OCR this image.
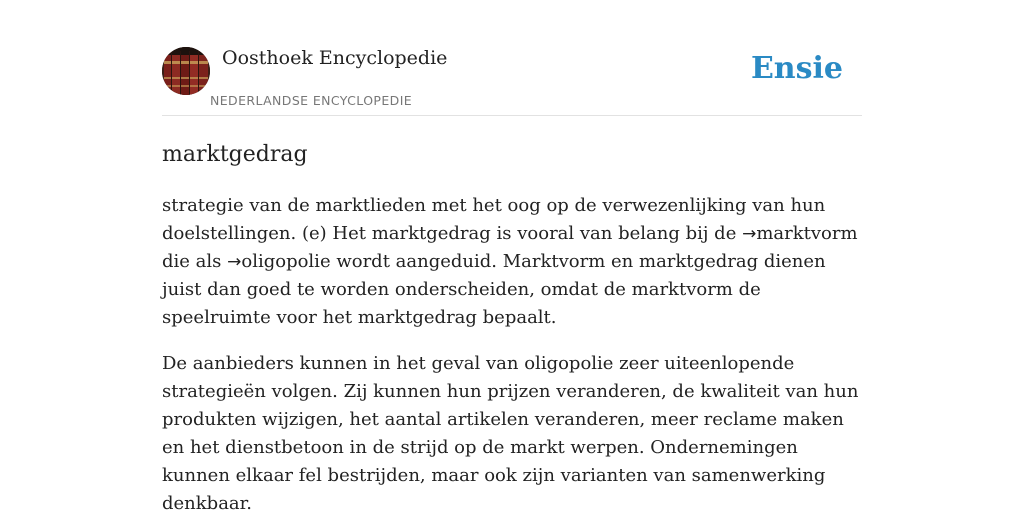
Oosthoek Encyclopedie
NEDERLANDSE ENCYCLOPEDIE
Ensie
marktgedrag

strategie van de marktlieden met het oog op de verwezenlijking van hun doelstellingen. (e) Het marktgedrag is vooral van belang bij de →marktvorm die als →oligopolie wordt aangeduid. Marktvorm en marktgedrag dienen juist dan goed te worden onderscheiden, omdat de marktvorm de speelruimte voor het marktgedrag bepaalt.

De aanbieders kunnen in het geval van oligopolie zeer uiteenlopende strategieën volgen. Zij kunnen hun prijzen veranderen, de kwaliteit van hun produkten wijzigen, het aantal artikelen veranderen, meer reclame maken en het dienstbetoon in de strijd op de markt werpen. Ondernemingen kunnen elkaar fel bestrijden, maar ook zijn varianten van samenwerking denkbaar.
